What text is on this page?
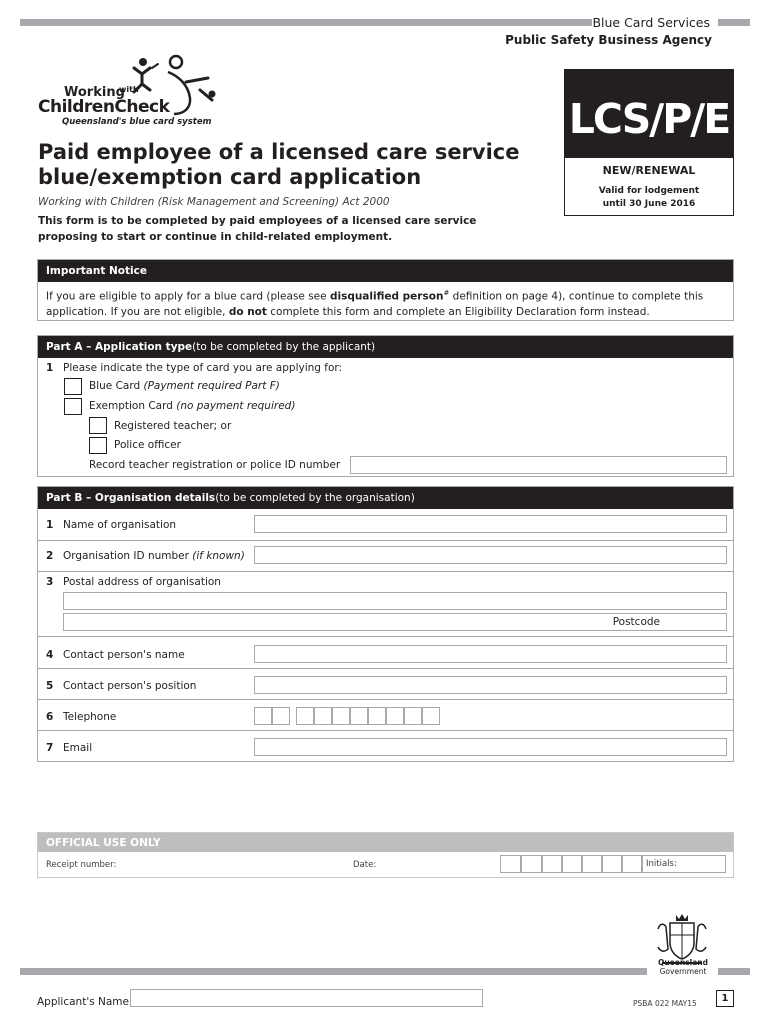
Blue Card Services
Public Safety Business Agency
Working
with
ChildrenCheck
Queensland's blue card system	LCS/P/E
NEW/RENEWAL
Valid for lodgement
until 30 June 2016
Paid employee of a licensed care service
blue/exemption card application
Working with Children (Risk Management and Screening) Act 2000
This form is to be completed by paid employees of a licensed care service proposing to start or continue in child-related employment.
Important Notice
If you are eligible to apply for a blue card (please see disqualified person# definition on page 4), continue to complete this application. If you are not eligible, do not complete this form and complete an Eligibility Declaration form instead.
Part A – Application type (to be completed by the applicant)
1 Please indicate the type of card you are applying for:
Blue Card (Payment required Part F)
Exemption Card (no payment required)
Registered teacher; or
Police officer
Record teacher registration or police ID number
Part B – Organisation details (to be completed by the organisation)
1 Name of organisation
2 Organisation ID number (if known)
3 Postal address of organisation
Postcode
4 Contact person's name
5 Contact person's position
6 Telephone
7 Email
OFFICIAL USE ONLY
Receipt number:	Date:	Initials:
Queensland
Government
Applicant's Name	PSBA 022 MAY15	1
